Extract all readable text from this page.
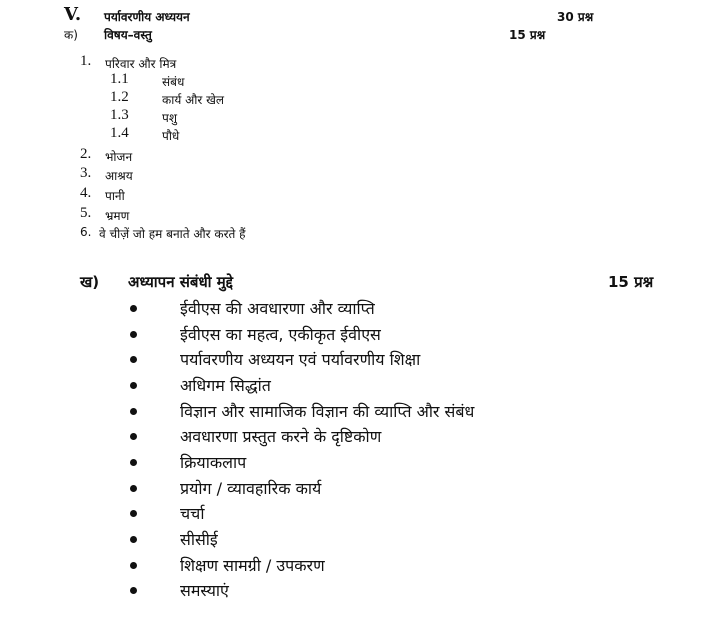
V. पर्यावरणीय अध्ययन	30 प्रश्न
क) विषय–वस्तु	15 प्रश्न
1. परिवार और मित्र
1.1	संबंध
1.2	कार्य और खेल
1.3	पशु
1.4	पौधे
2. भोजन
3. आश्रय
4. पानी
5. भ्रमण
6. वे चीज़ें जो हम बनाते और करते हैं
ख) अध्यापन संबंधी मुद्दे	15 प्रश्न
ईवीएस की अवधारणा और व्याप्ति
ईवीएस का महत्व, एकीकृत ईवीएस
पर्यावरणीय अध्ययन एवं पर्यावरणीय शिक्षा
अधिगम सिद्धांत
विज्ञान और सामाजिक विज्ञान की व्याप्ति और संबंध
अवधारणा प्रस्तुत करने के दृष्टिकोण
क्रियाकलाप
प्रयोग / व्यावहारिक कार्य
चर्चा
सीसीई
शिक्षण सामग्री / उपकरण
समस्याएं
